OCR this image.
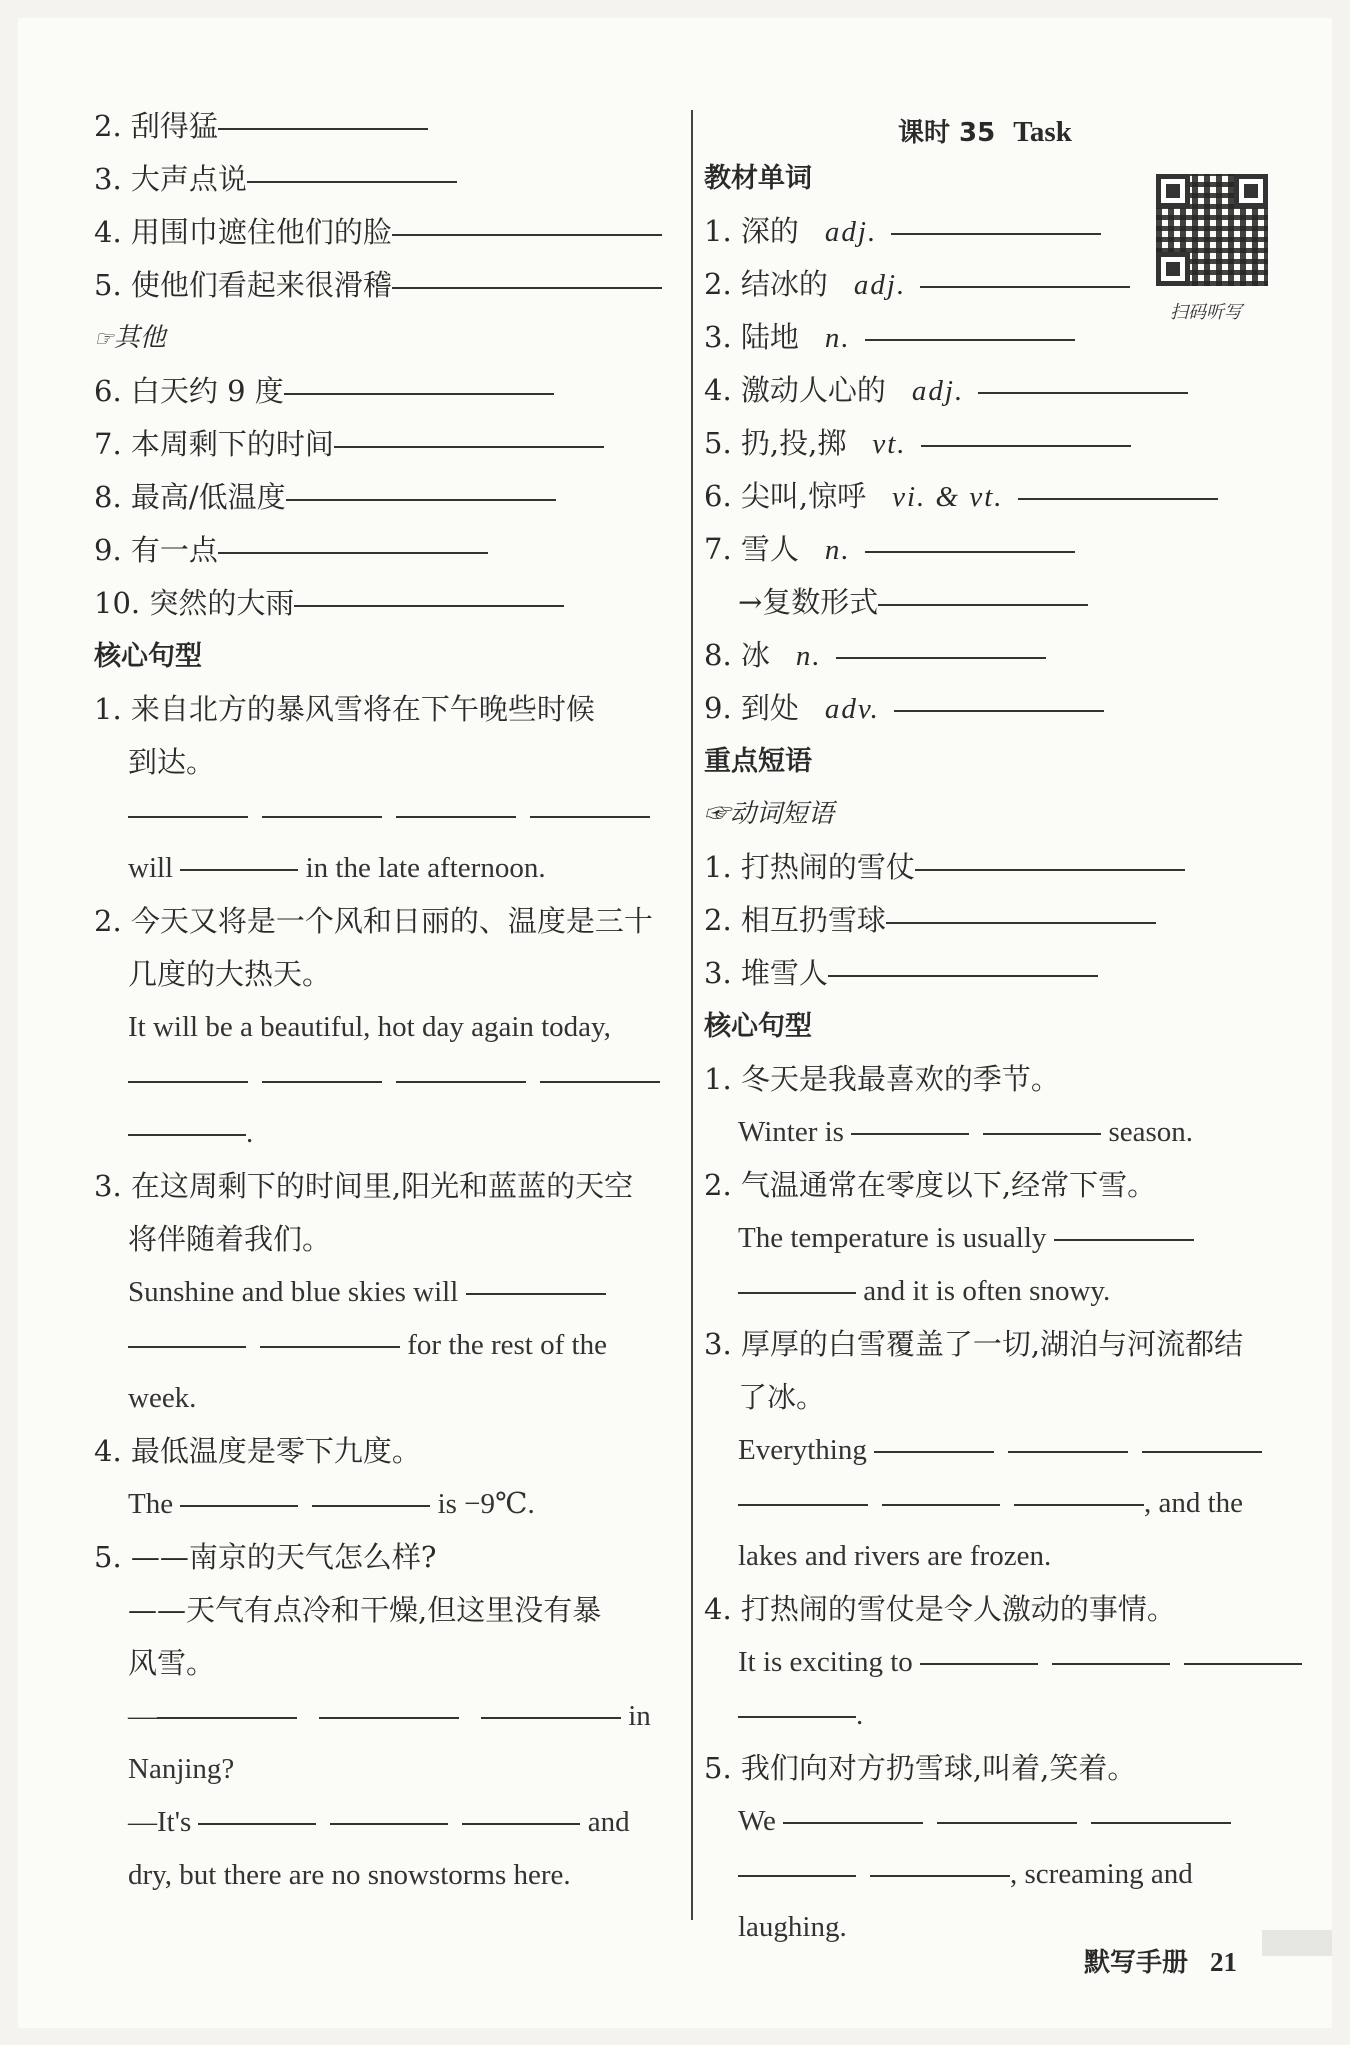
2. 刮得猛
3. 大声点说
4. 用围巾遮住他们的脸
5. 使他们看起来很滑稽
☞其他
6. 白天约 9 度
7. 本周剩下的时间
8. 最高/低温度
9. 有一点
10. 突然的大雨
核心句型
1. 来自北方的暴风雪将在下午晚些时候
到达。
will	in the late afternoon.
2. 今天又将是一个风和日丽的、温度是三十
几度的大热天。
It will be a beautiful, hot day again today,
.
3. 在这周剩下的时间里,阳光和蓝蓝的天空
将伴随着我们。
Sunshine and blue skies will
for the rest of the
week.
4. 最低温度是零下九度。
The	is −9℃.
5. ——南京的天气怎么样?
——天气有点冷和干燥,但这里没有暴
风雪。
—	in
Nanjing?
—It's	and
dry, but there are no snowstorms here.
课时 35 Task
扫码听写
教材单词
1. 深的 adj.
2. 结冰的 adj.
3. 陆地 n.
4. 激动人心的 adj.
5. 扔,投,掷 vt.
6. 尖叫,惊呼 vi. & vt.
7. 雪人 n.
→复数形式
8. 冰 n.
9. 到处 adv.
重点短语
☞动词短语
1. 打热闹的雪仗
2. 相互扔雪球
3. 堆雪人
核心句型
1. 冬天是我最喜欢的季节。
Winter is	season.
2. 气温通常在零度以下,经常下雪。
The temperature is usually
and it is often snowy.
3. 厚厚的白雪覆盖了一切,湖泊与河流都结
了冰。
Everything
, and the
lakes and rivers are frozen.
4. 打热闹的雪仗是令人激动的事情。
It is exciting to
.
5. 我们向对方扔雪球,叫着,笑着。
We
, screaming and
laughing.
默写手册 21
